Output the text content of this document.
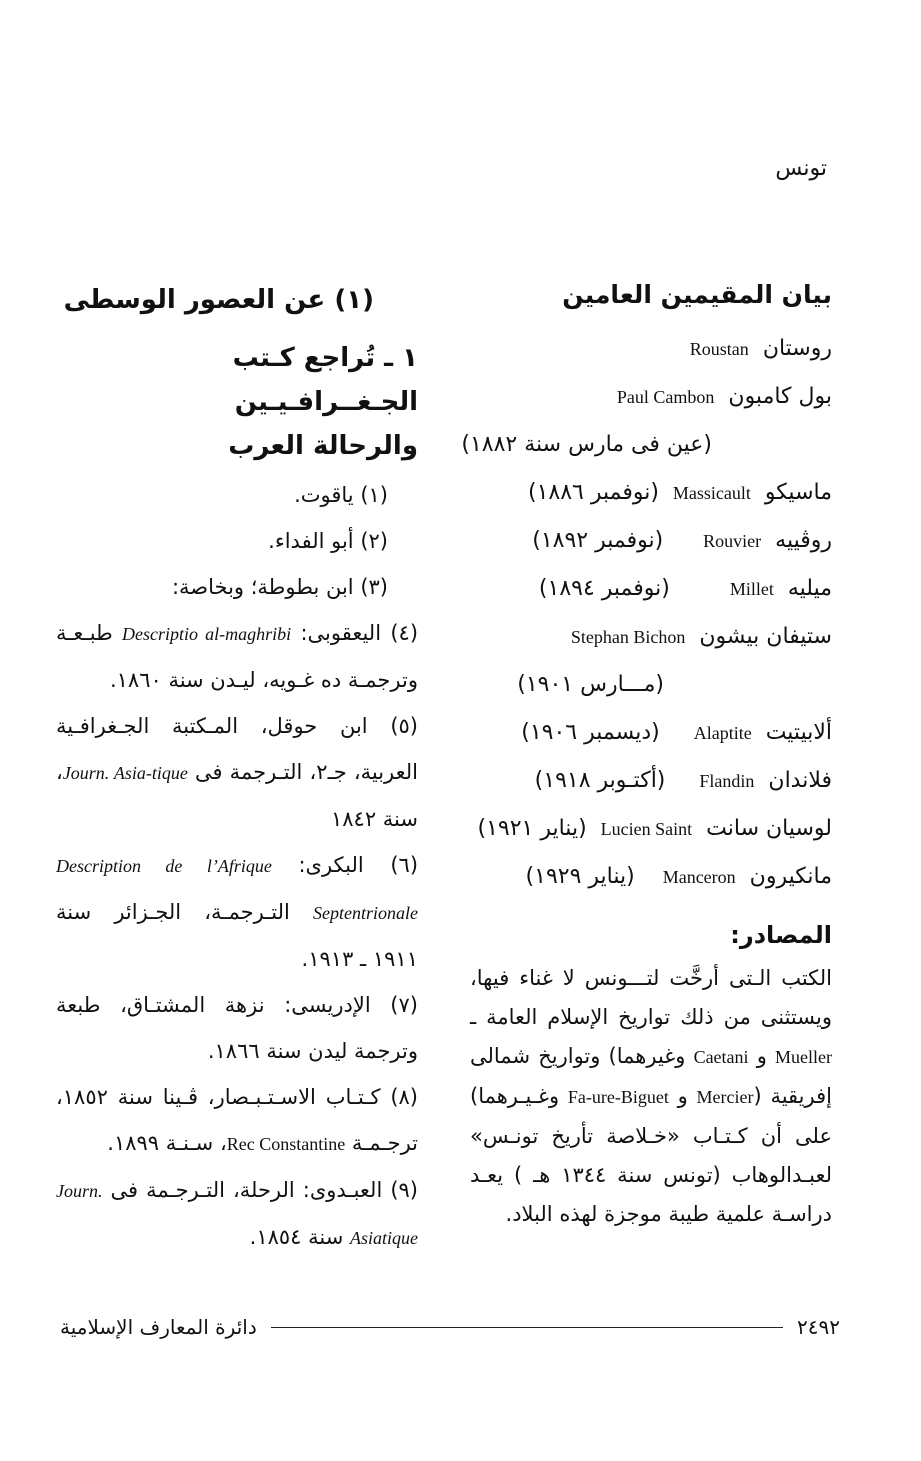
تونس
بيان المقيمين العامين
روستان
Roustan
بول كامبون
Paul Cambon
(عين فى مارس سنة ١٨٨٢)
ماسيكو
Massicault
(نوفمبر ١٨٨٦)
روڤييه
Rouvier
(نوفمبر ١٨٩٢)
ميليه
Millet
(نوفمبر ١٨٩٤)
ستيفان بيشون
Stephan Bichon
(مـــارس ١٩٠١)
ألابيتيت
Alaptite
(ديسمبر ١٩٠٦)
فلاندان
Flandin
(أكتـوبر ١٩١٨)
لوسيان سانت
Lucien Saint
(يناير ١٩٢١)
مانكيرون
Manceron
(يناير ١٩٢٩)
المصادر:
الكتب الـتى أرخَّت لتـــونس لا غناء فيها، ويستثنى من ذلك تواريخ الإسلام العامة ـ Mueller و Caetani وغيرهما) وتواريخ شمالى إفريقية (Mercier و Fa-ure-Biguet وغـيـرهما) على أن كـتـاب «خـلاصة تأريخ تونـس» لعبـدالوهاب (تونس سنة ١٣٤٤ هـ ) يعـد دراسـة علمية طيبة موجزة لهذه البلاد.
(١) عن العصور الوسطى
١ ـ تُراجع كـتب الجـغــرافـيـين
والرحالة العرب
(١) ياقوت.
(٢) أبو الفداء.
(٣) ابن بطوطة؛ وبخاصة:
(٤) اليعقوبى: Descriptio al-maghribi طبـعـة وترجمـة ده غـويه، ليـدن سنة ١٨٦٠.
(٥) ابن حوقل، المـكتبة الجـغرافـية العربية، جـ٢، التـرجمة فى Journ. Asia-tique، سنة ١٨٤٢
(٦) البكرى: Description de l’Afrique Septentrionale التـرجمـة، الجـزائر سنة ١٩١١ ـ ١٩١٣.
(٧) الإدريسى: نزهة المشتـاق، طبعة وترجمة ليدن سنة ١٨٦٦.
(٨) كـتـاب الاسـتـبـصار، ڤـينا سنة ١٨٥٢، ترجـمـة Rec Constantine، سـنـة ١٨٩٩.
(٩) العبـدوى: الرحلة، التـرجـمة فى Journ. Asiatique سنة ١٨٥٤.
٢٤٩٢
دائرة المعارف الإسلامية
